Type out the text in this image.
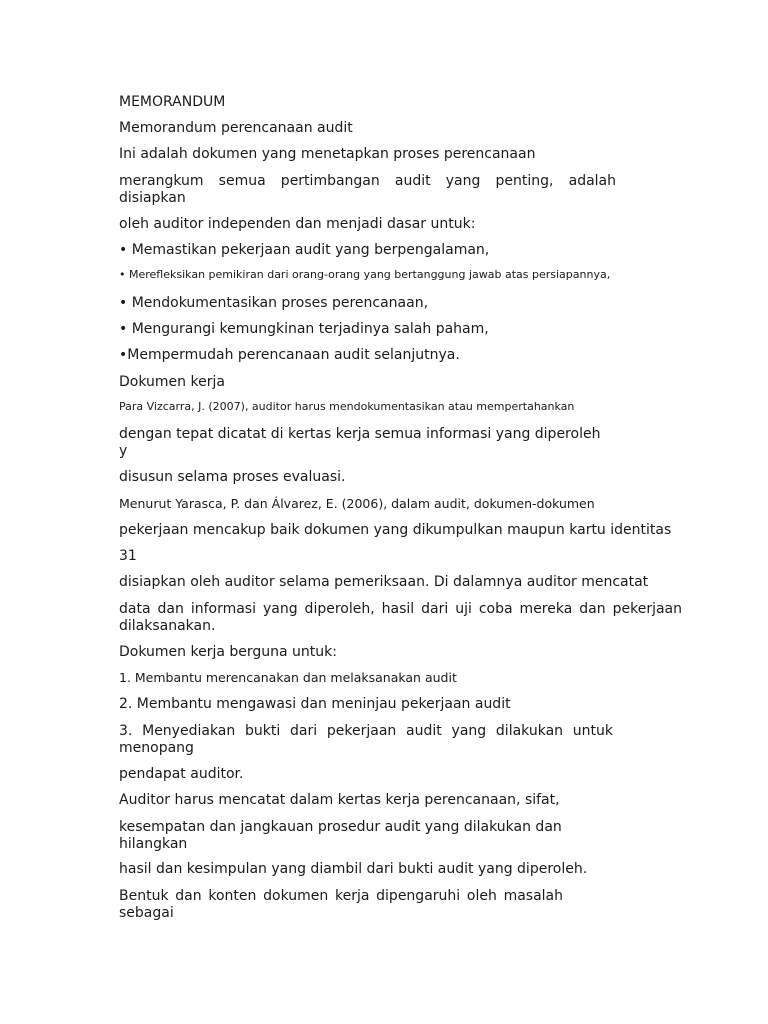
MEMORANDUM

Memorandum perencanaan audit

Ini adalah dokumen yang menetapkan proses perencanaan

merangkum semua pertimbangan audit yang penting, adalah
disiapkan

oleh auditor independen dan menjadi dasar untuk:

• Memastikan pekerjaan audit yang berpengalaman,

• Merefleksikan pemikiran dari orang-orang yang bertanggung jawab atas persiapannya,

• Mendokumentasikan proses perencanaan,

• Mengurangi kemungkinan terjadinya salah paham,

•Mempermudah perencanaan audit selanjutnya.

Dokumen kerja

Para Vizcarra, J. (2007), auditor harus mendokumentasikan atau mempertahankan

dengan tepat dicatat di kertas kerja semua informasi yang diperoleh
y

disusun selama proses evaluasi.

Menurut Yarasca, P. dan Álvarez, E. (2006), dalam audit, dokumen-dokumen

pekerjaan mencakup baik dokumen yang dikumpulkan maupun kartu identitas

31

disiapkan oleh auditor selama pemeriksaan. Di dalamnya auditor mencatat

data dan informasi yang diperoleh, hasil dari uji coba mereka dan pekerjaan
dilaksanakan.

Dokumen kerja berguna untuk:

1. Membantu merencanakan dan melaksanakan audit

2. Membantu mengawasi dan meninjau pekerjaan audit

3. Menyediakan bukti dari pekerjaan audit yang dilakukan untuk
menopang

pendapat auditor.

Auditor harus mencatat dalam kertas kerja perencanaan, sifat,

kesempatan dan jangkauan prosedur audit yang dilakukan dan
hilangkan

hasil dan kesimpulan yang diambil dari bukti audit yang diperoleh.

Bentuk dan konten dokumen kerja dipengaruhi oleh masalah
sebagai
